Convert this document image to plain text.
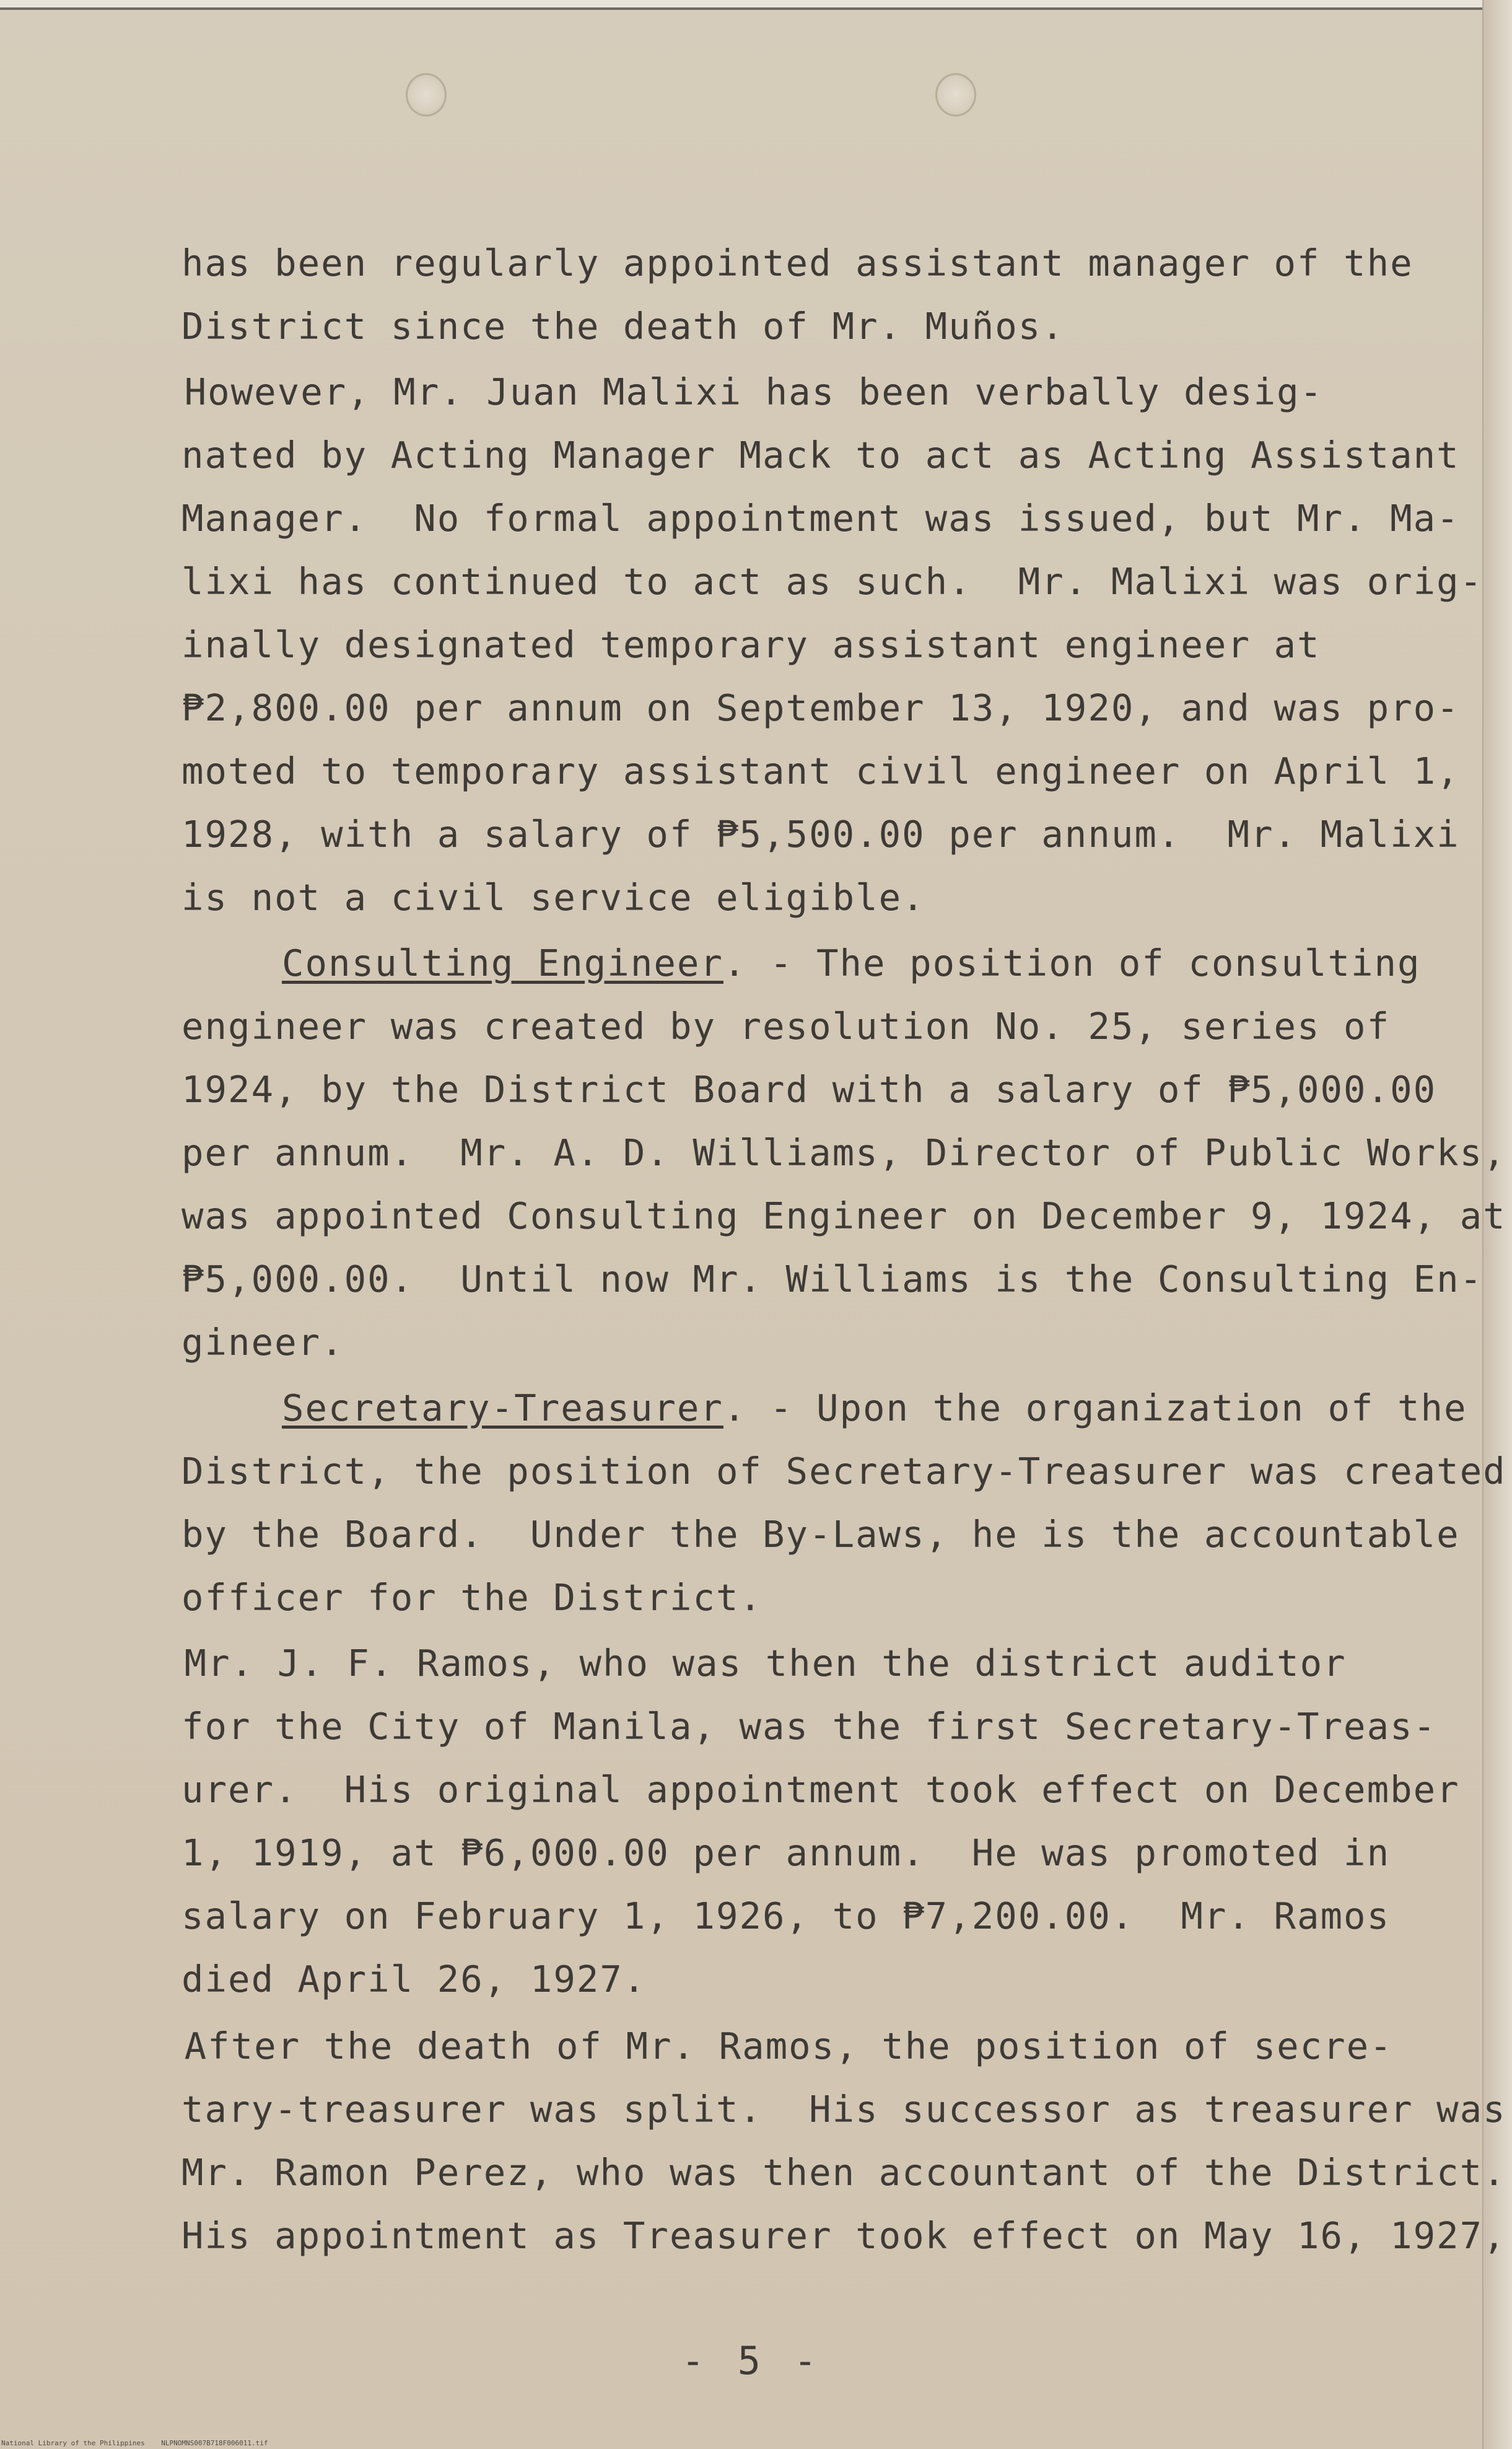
has been regularly appointed assistant manager of the
District since the death of Mr. Muños.
However, Mr. Juan Malixi has been verbally desig-
nated by Acting Manager Mack to act as Acting Assistant
Manager.  No formal appointment was issued, but Mr. Ma-
lixi has continued to act as such.  Mr. Malixi was orig-
inally designated temporary assistant engineer at
₱2,800.00 per annum on September 13, 1920, and was pro-
moted to temporary assistant civil engineer on April 1,
1928, with a salary of ₱5,500.00 per annum.  Mr. Malixi
is not a civil service eligible.
Consulting Engineer. - The position of consulting
engineer was created by resolution No. 25, series of
1924, by the District Board with a salary of ₱5,000.00
per annum.  Mr. A. D. Williams, Director of Public Works,
was appointed Consulting Engineer on December 9, 1924, at
₱5,000.00.  Until now Mr. Williams is the Consulting En-
gineer.
Secretary-Treasurer. - Upon the organization of the
District, the position of Secretary-Treasurer was created
by the Board.  Under the By-Laws, he is the accountable
officer for the District.
Mr. J. F. Ramos, who was then the district auditor
for the City of Manila, was the first Secretary-Treas-
urer.  His original appointment took effect on December
1, 1919, at ₱6,000.00 per annum.  He was promoted in
salary on February 1, 1926, to ₱7,200.00.  Mr. Ramos
died April 26, 1927.
After the death of Mr. Ramos, the position of secre-
tary-treasurer was split.  His successor as treasurer was
Mr. Ramon Perez, who was then accountant of the District.
His appointment as Treasurer took effect on May 16, 1927,
- 5 -
National Library of the Philippines    NLPNOMNS007B718F006011.tif
